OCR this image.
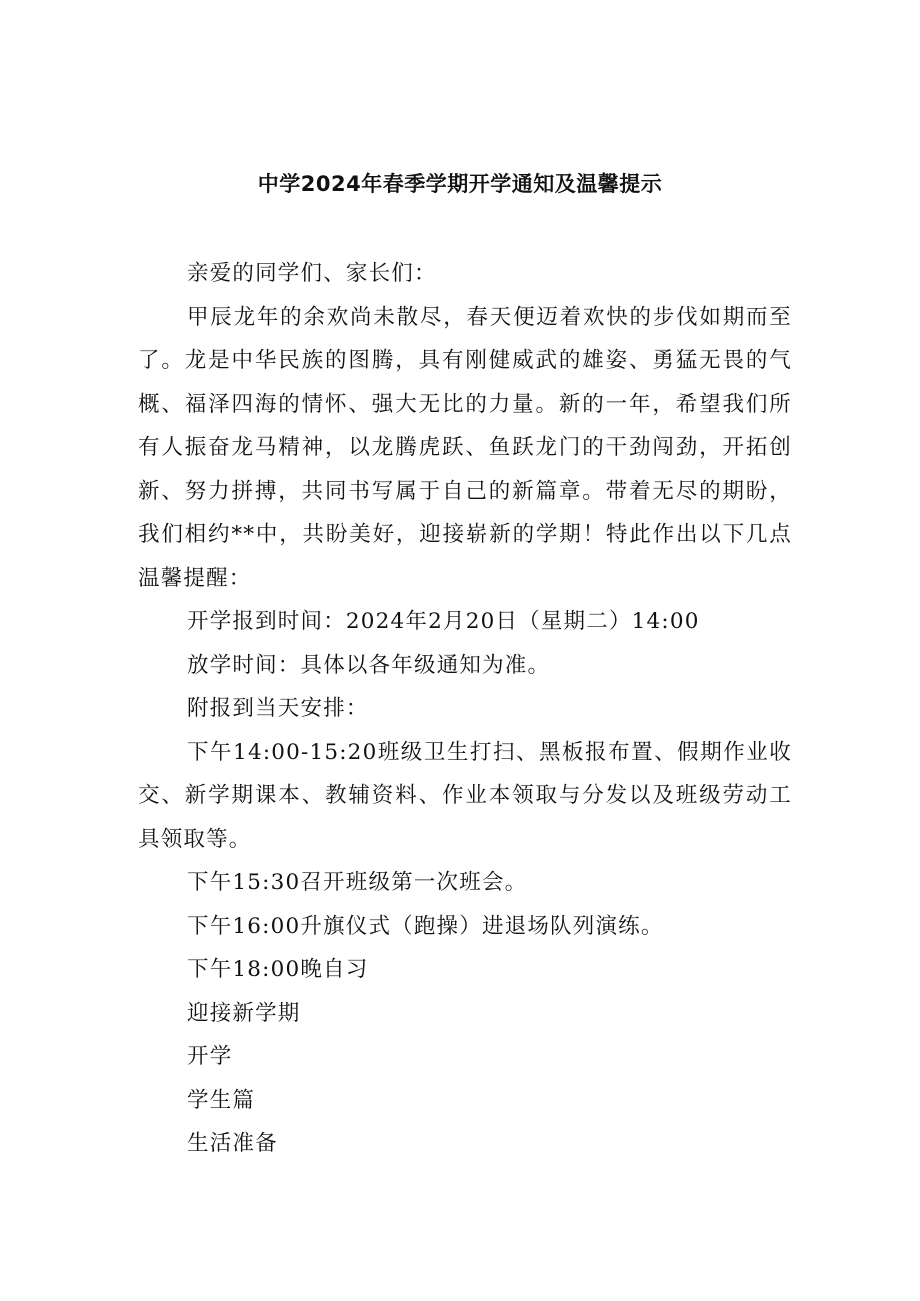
中学2024年春季学期开学通知及温馨提示

亲爱的同学们、家长们：

甲辰龙年的余欢尚未散尽，春天便迈着欢快的步伐如期而至了。龙是中华民族的图腾，具有刚健威武的雄姿、勇猛无畏的气概、福泽四海的情怀、强大无比的力量。新的一年，希望我们所有人振奋龙马精神，以龙腾虎跃、鱼跃龙门的干劲闯劲，开拓创新、努力拼搏，共同书写属于自己的新篇章。带着无尽的期盼，我们相约**中，共盼美好，迎接崭新的学期！特此作出以下几点温馨提醒：

开学报到时间：2024年2月20日（星期二）14:00

放学时间：具体以各年级通知为准。

附报到当天安排：

下午14:00-15:20班级卫生打扫、黑板报布置、假期作业收交、新学期课本、教辅资料、作业本领取与分发以及班级劳动工具领取等。

下午15:30召开班级第一次班会。

下午16:00升旗仪式（跑操）进退场队列演练。

下午18:00晚自习

迎接新学期

开学

学生篇

生活准备
